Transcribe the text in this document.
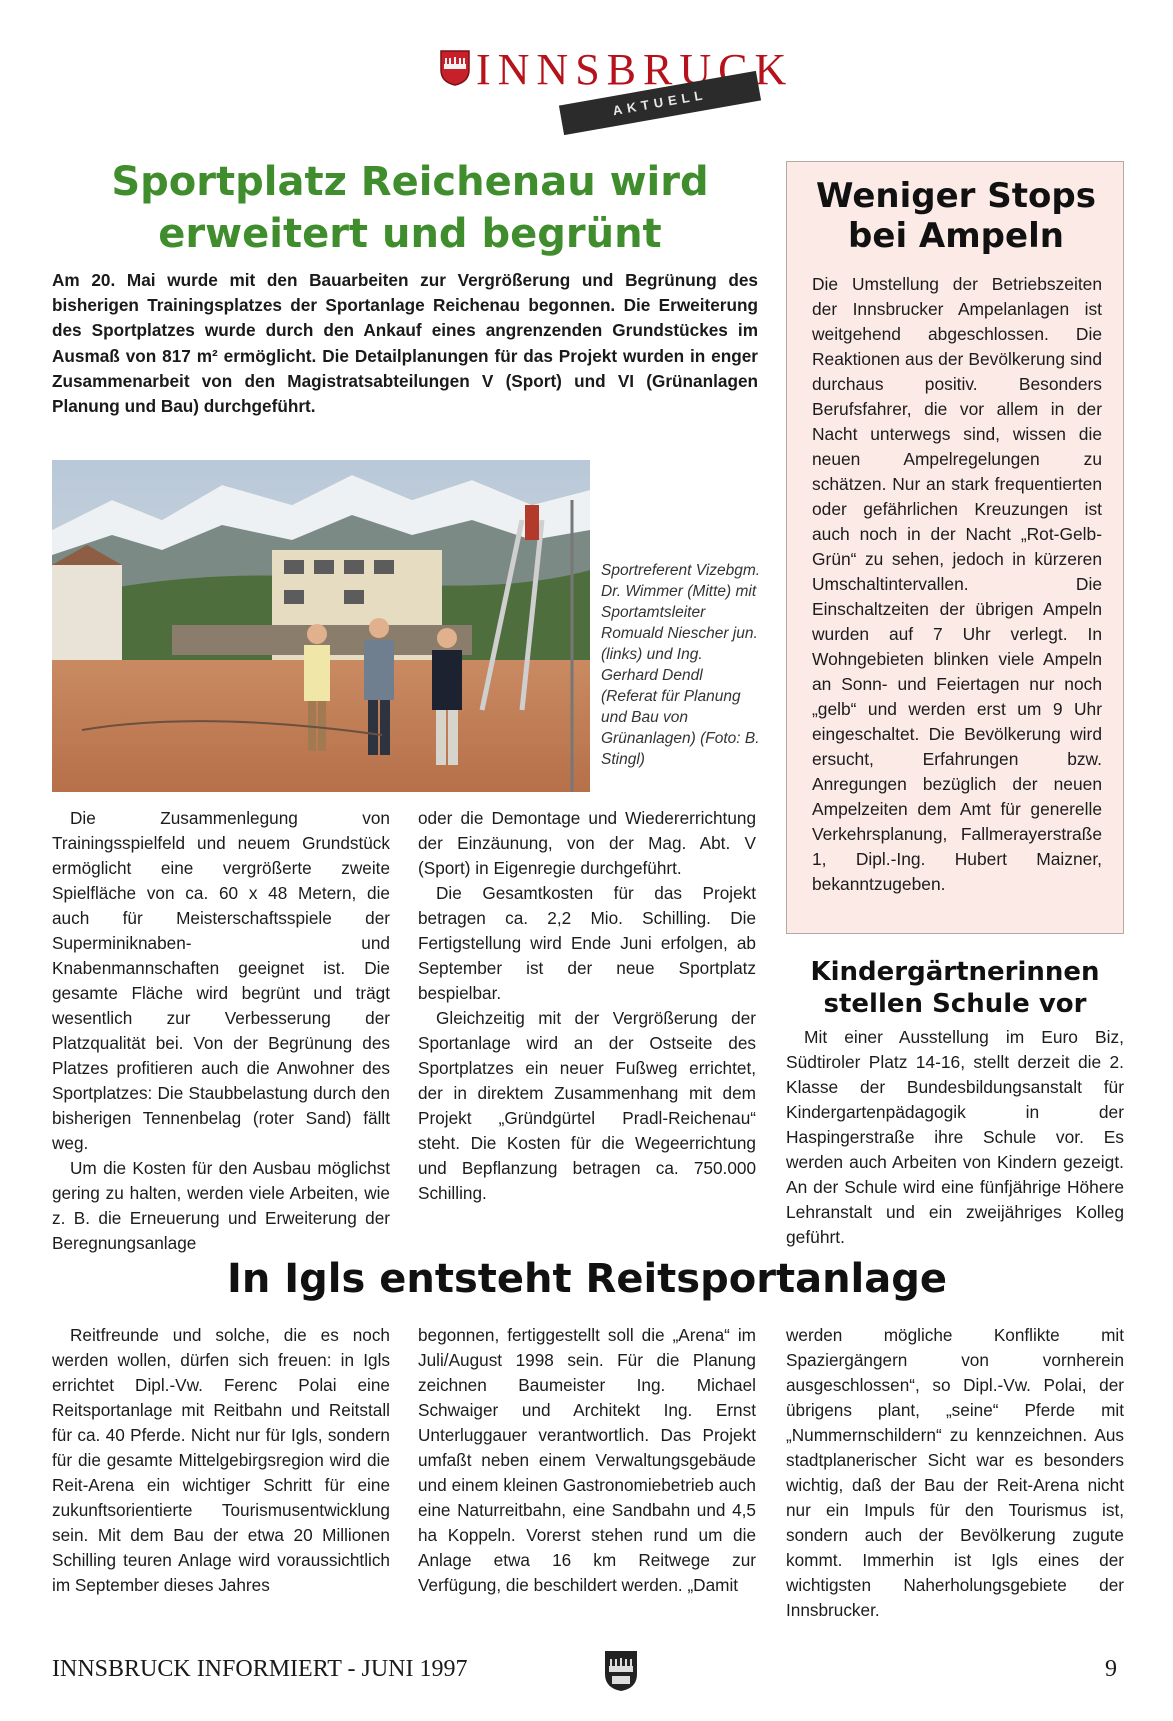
INNSBRUCK
AKTUELL
Sportplatz Reichenau wird erweitert und begrünt
Am 20. Mai wurde mit den Bauarbeiten zur Vergrößerung und Begrünung des bisherigen Trainingsplatzes der Sportanlage Reichenau begonnen. Die Erweiterung des Sportplatzes wurde durch den Ankauf eines angrenzenden Grundstückes im Ausmaß von 817 m² ermöglicht. Die Detailplanungen für das Projekt wurden in enger Zusammenarbeit von den Magistratsabteilungen V (Sport) und VI (Grünanlagen Planung und Bau) durchgeführt.
Sportreferent Vizebgm. Dr. Wimmer (Mitte) mit Sportamtsleiter Romuald Niescher jun. (links) und Ing. Gerhard Dendl (Referat für Planung und Bau von Grünanlagen) (Foto: B. Stingl)

Die Zusammenlegung von Trainingsspielfeld und neuem Grundstück ermöglicht eine vergrößerte zweite Spielfläche von ca. 60 x 48 Metern, die auch für Meisterschaftsspiele der Superminiknaben- und Knabenmannschaften geeignet ist. Die gesamte Fläche wird begrünt und trägt wesentlich zur Verbesserung der Platzqualität bei. Von der Begrünung des Platzes profitieren auch die Anwohner des Sportplatzes: Die Staubbelastung durch den bisherigen Tennenbelag (roter Sand) fällt weg.

Um die Kosten für den Ausbau möglichst gering zu halten, werden viele Arbeiten, wie z. B. die Erneuerung und Erweiterung der Beregnungsanlage

oder die Demontage und Wiedererrichtung der Einzäunung, von der Mag. Abt. V (Sport) in Eigenregie durchgeführt.

Die Gesamtkosten für das Projekt betragen ca. 2,2 Mio. Schilling. Die Fertigstellung wird Ende Juni erfolgen, ab September ist der neue Sportplatz bespielbar.

Gleichzeitig mit der Vergrößerung der Sportanlage wird an der Ostseite des Sportplatzes ein neuer Fußweg errichtet, der in direktem Zusammenhang mit dem Projekt „Gründgürtel Pradl-Reichenau“ steht. Die Kosten für die Wegeerrichtung und Bepflanzung betragen ca. 750.000 Schilling.

Weniger Stops bei Ampeln
Die Umstellung der Betriebszeiten der Innsbrucker Ampelanlagen ist weitgehend abgeschlossen. Die Reaktionen aus der Bevölkerung sind durchaus positiv. Besonders Berufsfahrer, die vor allem in der Nacht unterwegs sind, wissen die neuen Ampelregelungen zu schätzen. Nur an stark frequentierten oder gefährlichen Kreuzungen ist auch noch in der Nacht „Rot-Gelb-Grün“ zu sehen, jedoch in kürzeren Umschaltintervallen. Die Einschaltzeiten der übrigen Ampeln wurden auf 7 Uhr verlegt. In Wohngebieten blinken viele Ampeln an Sonn- und Feiertagen nur noch „gelb“ und werden erst um 9 Uhr eingeschaltet. Die Bevölkerung wird ersucht, Erfahrungen bzw. Anregungen bezüglich der neuen Ampelzeiten dem Amt für generelle Verkehrsplanung, Fallmerayerstraße 1, Dipl.-Ing. Hubert Maizner, bekanntzugeben.
Kindergärtnerinnen stellen Schule vor

Mit einer Ausstellung im Euro Biz, Südtiroler Platz 14-16, stellt derzeit die 2. Klasse der Bundesbildungsanstalt für Kindergartenpädagogik in der Haspingerstraße ihre Schule vor. Es werden auch Arbeiten von Kindern gezeigt. An der Schule wird eine fünfjährige Höhere Lehranstalt und ein zweijähriges Kolleg geführt.

In Igls entsteht Reitsportanlage

Reitfreunde und solche, die es noch werden wollen, dürfen sich freuen: in Igls errichtet Dipl.-Vw. Ferenc Polai eine Reitsportanlage mit Reitbahn und Reitstall für ca. 40 Pferde. Nicht nur für Igls, sondern für die gesamte Mittelgebirgsregion wird die Reit-Arena ein wichtiger Schritt für eine zukunftsorientierte Tourismusentwicklung sein. Mit dem Bau der etwa 20 Millionen Schilling teuren Anlage wird voraussichtlich im September dieses Jahres

begonnen, fertiggestellt soll die „Arena“ im Juli/August 1998 sein. Für die Planung zeichnen Baumeister Ing. Michael Schwaiger und Architekt Ing. Ernst Unterluggauer verantwortlich. Das Projekt umfaßt neben einem Verwaltungsgebäude und einem kleinen Gastronomiebetrieb auch eine Naturreitbahn, eine Sandbahn und 4,5 ha Koppeln. Vorerst stehen rund um die Anlage etwa 16 km Reitwege zur Verfügung, die beschildert werden. „Damit

werden mögliche Konflikte mit Spaziergängern von vornherein ausgeschlossen“, so Dipl.-Vw. Polai, der übrigens plant, „seine“ Pferde mit „Nummernschildern“ zu kennzeichnen. Aus stadtplanerischer Sicht war es besonders wichtig, daß der Bau der Reit-Arena nicht nur ein Impuls für den Tourismus ist, sondern auch der Bevölkerung zugute kommt. Immerhin ist Igls eines der wichtigsten Naherholungsgebiete der Innsbrucker.

INNSBRUCK INFORMIERT - JUNI 1997	9
